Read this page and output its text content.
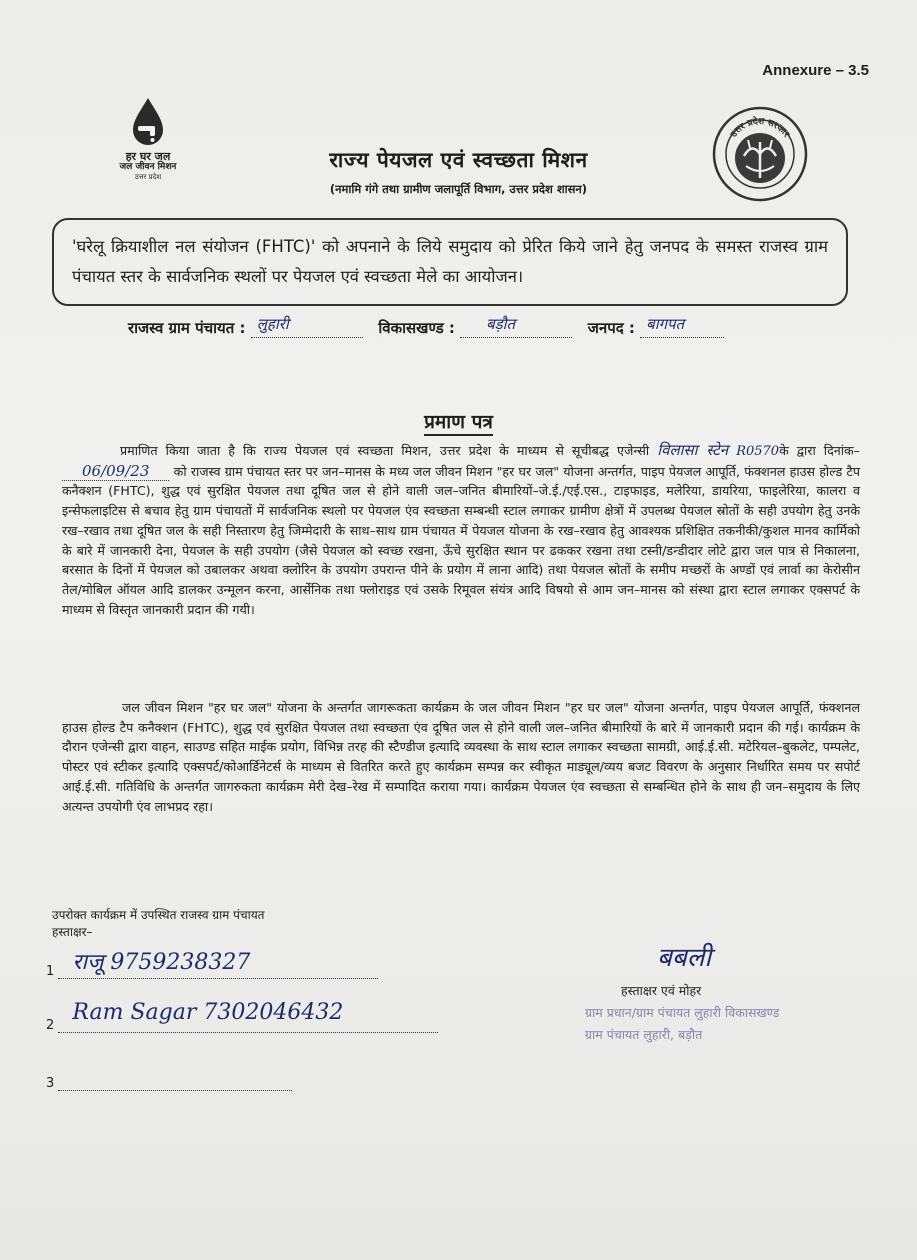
Annexure – 3.5
हर घर जल
जल जीवन मिशन
उत्तर प्रदेश
उत्तर प्रदेश सरकार
राज्य पेयजल एवं स्वच्छता मिशन
(नमामि गंगे तथा ग्रामीण जलापूर्ति विभाग, उत्तर प्रदेश शासन)
'घरेलू क्रियाशील नल संयोजन (FHTC)' को अपनाने के लिये समुदाय को प्रेरित किये जाने हेतु जनपद के समस्त राजस्व ग्राम पंचायत स्तर के सार्वजनिक स्थलों पर पेयजल एवं स्वच्छता मेले का आयोजन।
राजस्व ग्राम पंचायत : लुहारी	विकासखण्ड : बड़ौत	जनपद : बागपत
प्रमाण पत्र
प्रमाणित किया जाता है कि राज्य पेयजल एवं स्वच्छता मिशन, उत्तर प्रदेश के माध्यम से सूचीबद्ध एजेन्सी विलासा स्टेन R0570के द्वारा दिनांक– 06/09/23 को राजस्व ग्राम पंचायत स्तर पर जन–मानस के मध्य जल जीवन मिशन "हर घर जल" योजना अन्तर्गत, पाइप पेयजल आपूर्ति, फंक्शनल हाउस होल्ड टैप कनैक्शन (FHTC), शुद्ध एवं सुरक्षित पेयजल तथा दूषित जल से होने वाली जल–जनित बीमारियों–जे.ई./एई.एस., टाइफाइड, मलेरिया, डायरिया, फाइलेरिया, कालरा व इन्सेफलाइटिस से बचाव हेतु ग्राम पंचायतों में सार्वजनिक स्थलो पर पेयजल एंव स्वच्छता सम्बन्धी स्टाल लगाकर ग्रामीण क्षेत्रों में उपलब्ध पेयजल स्रोतों के सही उपयोग हेतु उनके रख–रखाव तथा दूषित जल के सही निस्तारण हेतु जिम्मेदारी के साथ–साथ ग्राम पंचायत में पेयजल योजना के रख–रखाव हेतु आवश्यक प्रशिक्षित तकनीकी/कुशल मानव कार्मिको के बारे में जानकारी देना, पेयजल के सही उपयोग (जैसे पेयजल को स्वच्छ रखना, ऊँचे सुरक्षित स्थान पर ढककर रखना तथा टस्नी/डन्डीदार लोटे द्वारा जल पात्र से निकालना, बरसात के दिनों में पेयजल को उबालकर अथवा क्लोरिन के उपयोग उपरान्त पीने के प्रयोग में लाना आदि) तथा पेयजल स्रोतों के समीप मच्छरों के अण्डों एवं लार्वा का केरोसीन तेल/मोबिल ऑयल आदि डालकर उन्मूलन करना, आर्सेनिक तथा फ्लोराइड एवं उसके रिमूवल संयंत्र आदि विषयो से आम जन–मानस को संस्था द्वारा स्टाल लगाकर एक्सपर्ट के माध्यम से विस्तृत जानकारी प्रदान की गयी।
जल जीवन मिशन "हर घर जल" योजना के अन्तर्गत जागरूकता कार्यक्रम के जल जीवन मिशन "हर घर जल" योजना अन्तर्गत, पाइप पेयजल आपूर्ति, फंक्शनल हाउस होल्ड टैप कनैक्शन (FHTC), शुद्ध एवं सुरक्षित पेयजल तथा स्वच्छता एंव दूषित जल से होने वाली जल–जनित बीमारियों के बारे में जानकारी प्रदान की गई। कार्यक्रम के दौरान एजेन्सी द्वारा वाहन, साउण्ड सहित माईक प्रयोग, विभिन्न तरह की स्टैण्डीज इत्यादि व्यवस्था के साथ स्टाल लगाकर स्वच्छता सामग्री, आई.ई.सी. मटेरियल–बुकलेट, पम्पलेट, पोस्टर एवं स्टीकर इत्यादि एक्सपर्ट/कोआर्डिनेटर्स के माध्यम से वितरित करते हुए कार्यक्रम सम्पन्न कर स्वीकृत माड्यूल/व्यय बजट विवरण के अनुसार निर्धारित समय पर सपोर्ट आई.ई.सी. गतिविधि के अन्तर्गत जागरुकता कार्यक्रम मेरी देख–रेख में सम्पादित कराया गया। कार्यक्रम पेयजल एंव स्वच्छता से सम्बन्धित होने के साथ ही जन–समुदाय के लिए अत्यन्त उपयोगी एंव लाभप्रद रहा।
उपरोक्त कार्यक्रम में उपस्थित राजस्व ग्राम पंचायत
हस्ताक्षर–
1 राजू 9759238327
2
Ram Sagar 7302046432
3
बबली
हस्ताक्षर एवं मोहर
ग्राम प्रधान/ग्राम पंचायत लुहारी विकासखण्ड
ग्राम पंचायत लुहारी, बड़ौत
